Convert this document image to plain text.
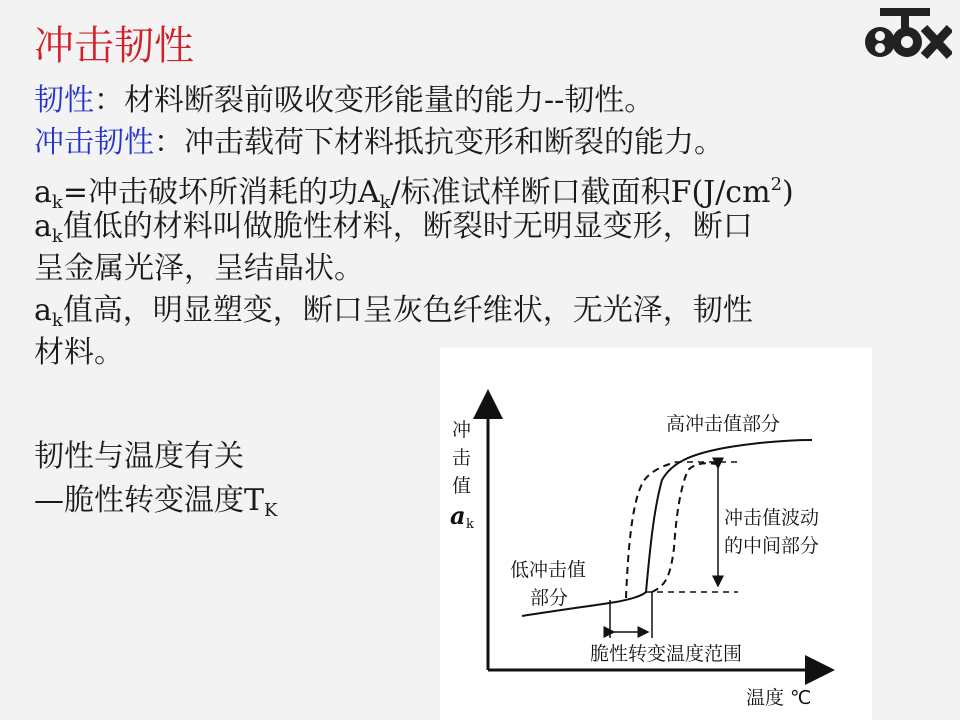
冲击韧性
韧性：材料断裂前吸收变形能量的能力--韧性。
冲击韧性：冲击载荷下材料抵抗变形和断裂的能力。
$a_k=$冲击破坏所消耗的功$A_k/$标准试样断口截面积$F(J/cm^2)$
$a_k$值低的材料叫做脆性材料，断裂时无明显变形，断口
呈金属光泽，呈结晶状。
$a_k$值高，明显塑变，断口呈灰色纤维状，无光泽，韧性
材料。
韧性与温度有关
—脆性转变温度$T_K$
冲
击
值
a k
温度 ℃
高冲击值部分
冲击值波动
的中间部分
低冲击值
部分
脆性转变温度范围
